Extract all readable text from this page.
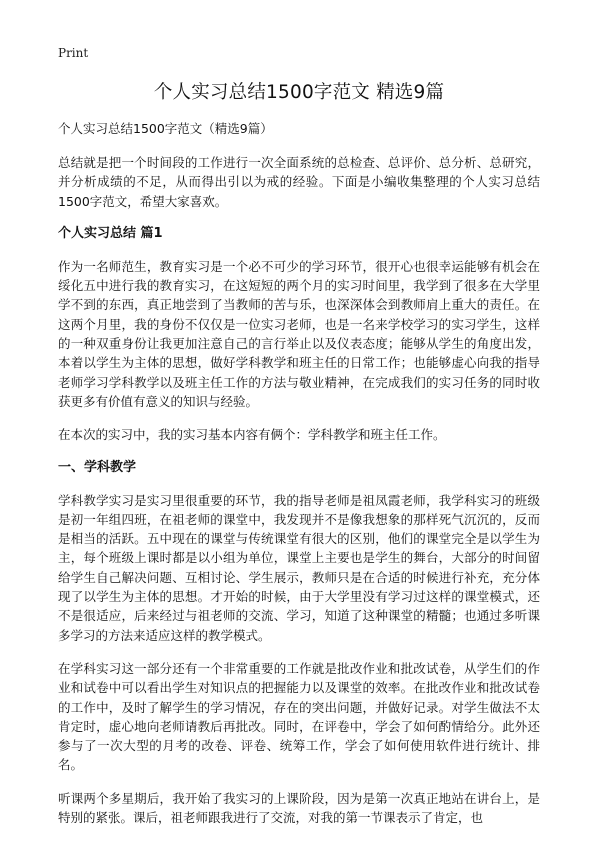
Print
个人实习总结1500字范文 精选9篇
个人实习总结1500字范文（精选9篇）

总结就是把一个时间段的工作进行一次全面系统的总检查、总评价、总分析、总研究，并分析成绩的不足，从而得出引以为戒的经验。下面是小编收集整理的个人实习总结1500字范文，希望大家喜欢。

个人实习总结 篇1

作为一名师范生，教育实习是一个必不可少的学习环节，很开心也很幸运能够有机会在绥化五中进行我的教育实习，在这短短的两个月的实习时间里，我学到了很多在大学里学不到的东西，真正地尝到了当教师的苦与乐，也深深体会到教师肩上重大的责任。在这两个月里，我的身份不仅仅是一位实习老师，也是一名来学校学习的实习学生，这样的一种双重身份让我更加注意自己的言行举止以及仪表态度；能够从学生的角度出发，本着以学生为主体的思想，做好学科教学和班主任的日常工作；也能够虚心向我的指导老师学习学科教学以及班主任工作的方法与敬业精神，在完成我们的实习任务的同时收获更多有价值有意义的知识与经验。

在本次的实习中，我的实习基本内容有俩个：学科教学和班主任工作。

一、学科教学

学科教学实习是实习里很重要的环节，我的指导老师是祖凤霞老师，我学科实习的班级是初一年组四班，在祖老师的课堂中，我发现并不是像我想象的那样死气沉沉的，反而是相当的活跃。五中现在的课堂与传统课堂有很大的区别，他们的课堂完全是以学生为主，每个班级上课时都是以小组为单位，课堂上主要也是学生的舞台，大部分的时间留给学生自己解决问题、互相讨论、学生展示，教师只是在合适的时候进行补充，充分体现了以学生为主体的思想。才开始的时候，由于大学里没有学习过这样的课堂模式，还不是很适应，后来经过与祖老师的交流、学习，知道了这种课堂的精髓；也通过多听课多学习的方法来适应这样的教学模式。

在学科实习这一部分还有一个非常重要的工作就是批改作业和批改试卷，从学生们的作业和试卷中可以看出学生对知识点的把握能力以及课堂的效率。在批改作业和批改试卷的工作中，及时了解学生的学习情况，存在的突出问题，并做好记录。对学生做法不太肯定时，虚心地向老师请教后再批改。同时，在评卷中，学会了如何酌情给分。此外还参与了一次大型的月考的改卷、评卷、统筹工作，学会了如何使用软件进行统计、排名。

听课两个多星期后，我开始了我实习的上课阶段，因为是第一次真正地站在讲台上，是特别的紧张。课后，祖老师跟我进行了交流，对我的第一节课表示了肯定，也
